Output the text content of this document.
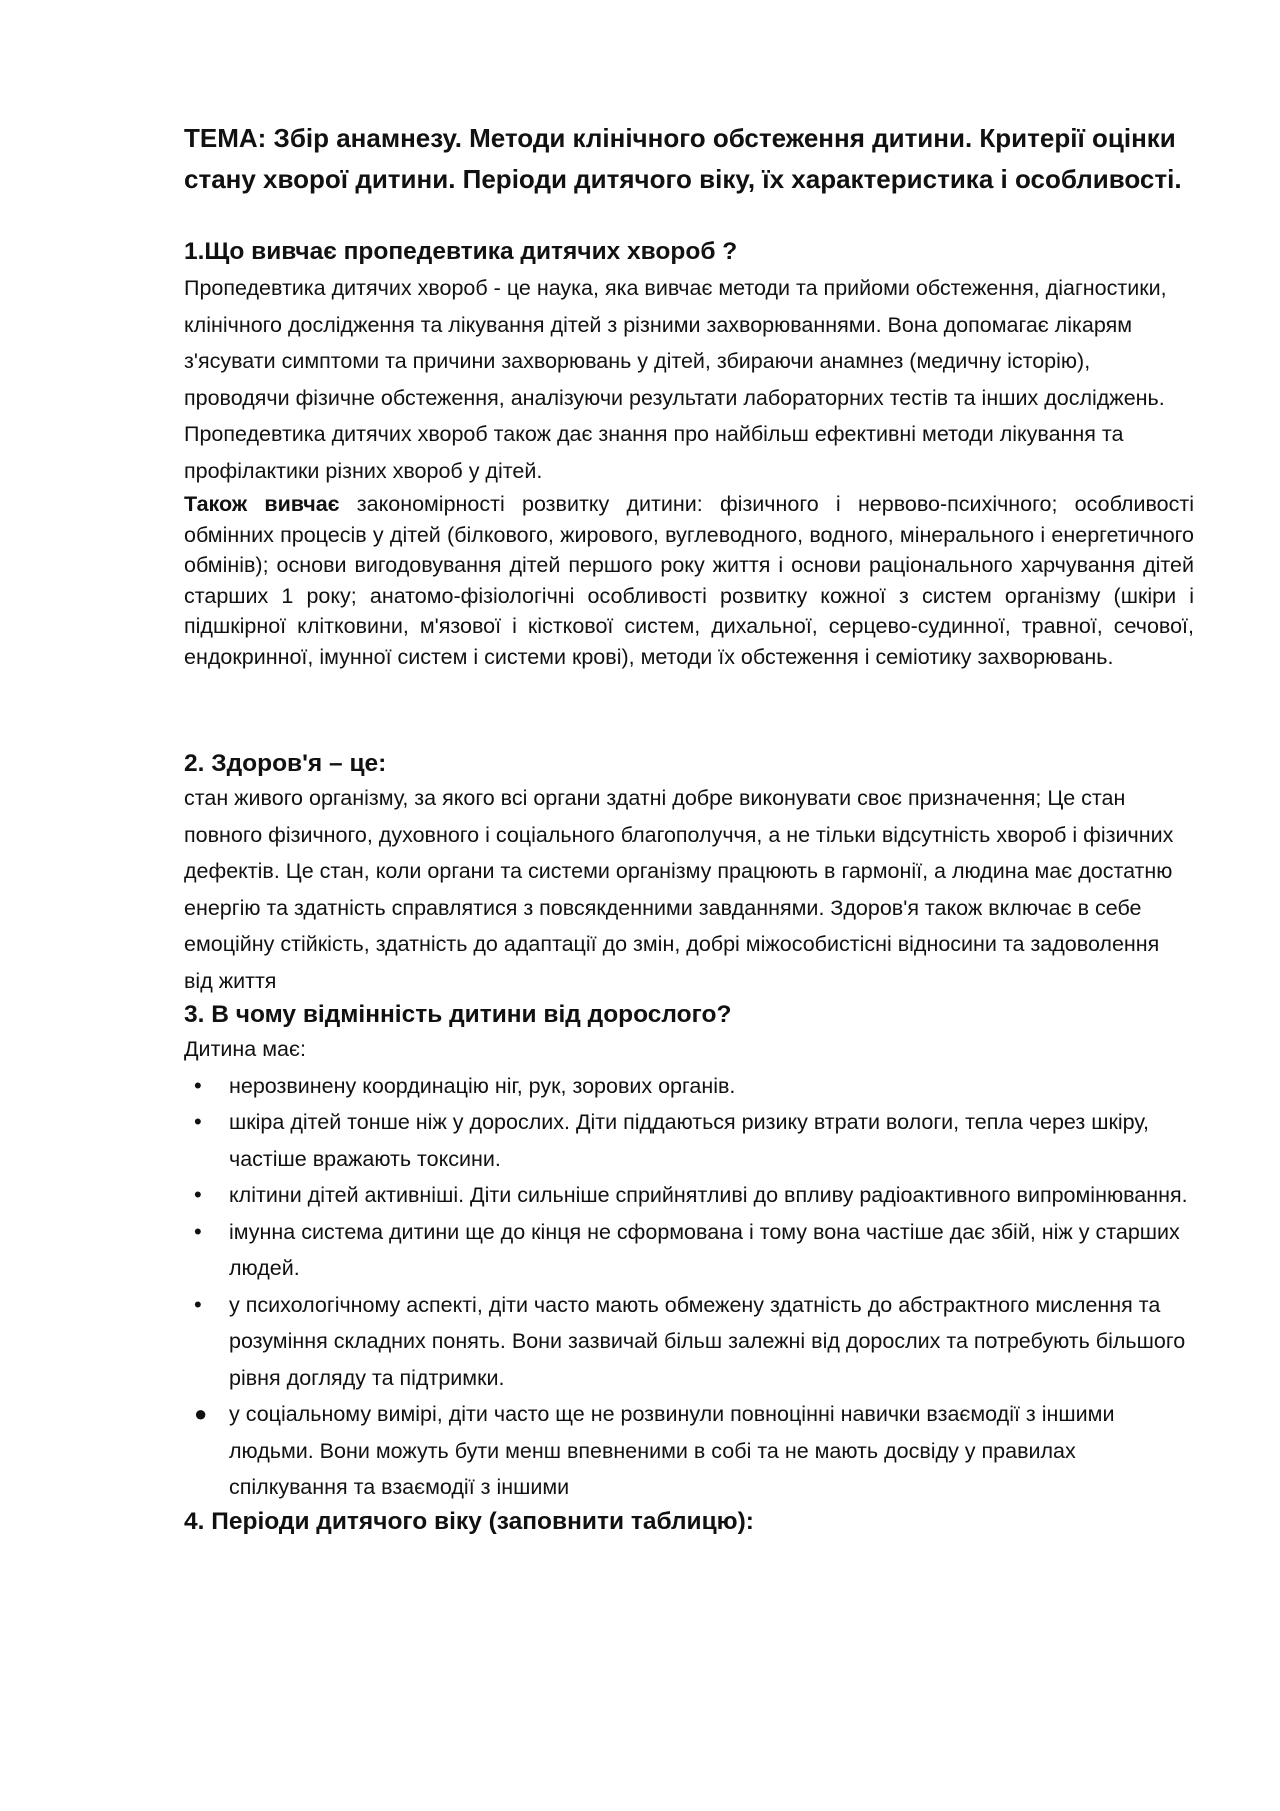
ТЕМА: Збір анамнезу. Методи клінічного обстеження дитини. Критерії оцінки стану хворої дитини. Періоди дитячого віку, їх характеристика і особливості.

1.Що вивчає пропедевтика дитячих хвороб ?

Пропедевтика дитячих хвороб - це наука, яка вивчає методи та прийоми обстеження, діагностики, клінічного дослідження та лікування дітей з різними захворюваннями. Вона допомагає лікарям з'ясувати симптоми та причини захворювань у дітей, збираючи анамнез (медичну історію), проводячи фізичне обстеження, аналізуючи результати лабораторних тестів та інших досліджень. Пропедевтика дитячих хвороб також дає знання про найбільш ефективні методи лікування та профілактики різних хвороб у дітей.

Також вивчає закономірності розвитку дитини: фізичного і нервово-психічного; особливості обмінних процесів у дітей (білкового, жирового, вуглеводного, водного, мінерального і енергетичного обмінів); основи вигодовування дітей першого року життя і основи раціонального харчування дітей старших 1 року; анатомо-фізіологічні особливості розвитку кожної з систем організму (шкіри і підшкірної клітковини, м'язової і кісткової систем, дихальної, серцево-судинної, травної, сечової, ендокринної, імунної систем і системи крові), методи їх обстеження і семіотику захворювань.

2. Здоров'я – це:

стан живого організму, за якого всі органи здатні добре виконувати своє призначення; Це стан повного фізичного, духовного і соціального благополуччя, а не тільки відсутність хвороб і фізичних дефектів. Це стан, коли органи та системи організму працюють в гармонії, а людина має достатню енергію та здатність справлятися з повсякденними завданнями. Здоров'я також включає в себе емоційну стійкість, здатність до адаптації до змін, добрі міжособистісні відносини та задоволення від життя

3. В чому відмінність дитини від дорослого?

Дитина має:

• нерозвинену координацію ніг, рук, зорових органів.
• шкіра дітей тонше ніж у дорослих. Діти піддаються ризику втрати вологи, тепла через шкіру, частіше вражають токсини.
• клітини дітей активніші. Діти сильніше сприйнятливі до впливу радіоактивного випромінювання.
• імунна система дитини ще до кінця не сформована і тому вона частіше дає збій, ніж у старших людей.
• у психологічному аспекті, діти часто мають обмежену здатність до абстрактного мислення та розуміння складних понять. Вони зазвичай більш залежні від дорослих та потребують більшого рівня догляду та підтримки.
● у соціальному вимірі, діти часто ще не розвинули повноцінні навички взаємодії з іншими людьми. Вони можуть бути менш впевненими в собі та не мають досвіду у правилах спілкування та взаємодії з іншими

4. Періоди дитячого віку (заповнити таблицю):
